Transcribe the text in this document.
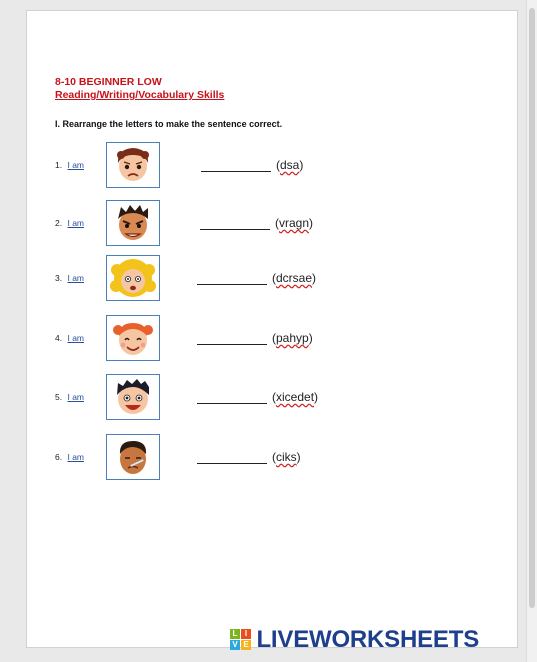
8-10 BEGINNER LOW
Reading/Writing/Vocabulary Skills
I. Rearrange the letters to make the sentence correct.
1. I am	(dsa)
2. I am	(vragn)
3. I am	(dcrsae)
4. I am	(pahyp)
5. I am	(xicedet)
6. I am	(ciks)
L I
V E LIVEWORKSHEETS
